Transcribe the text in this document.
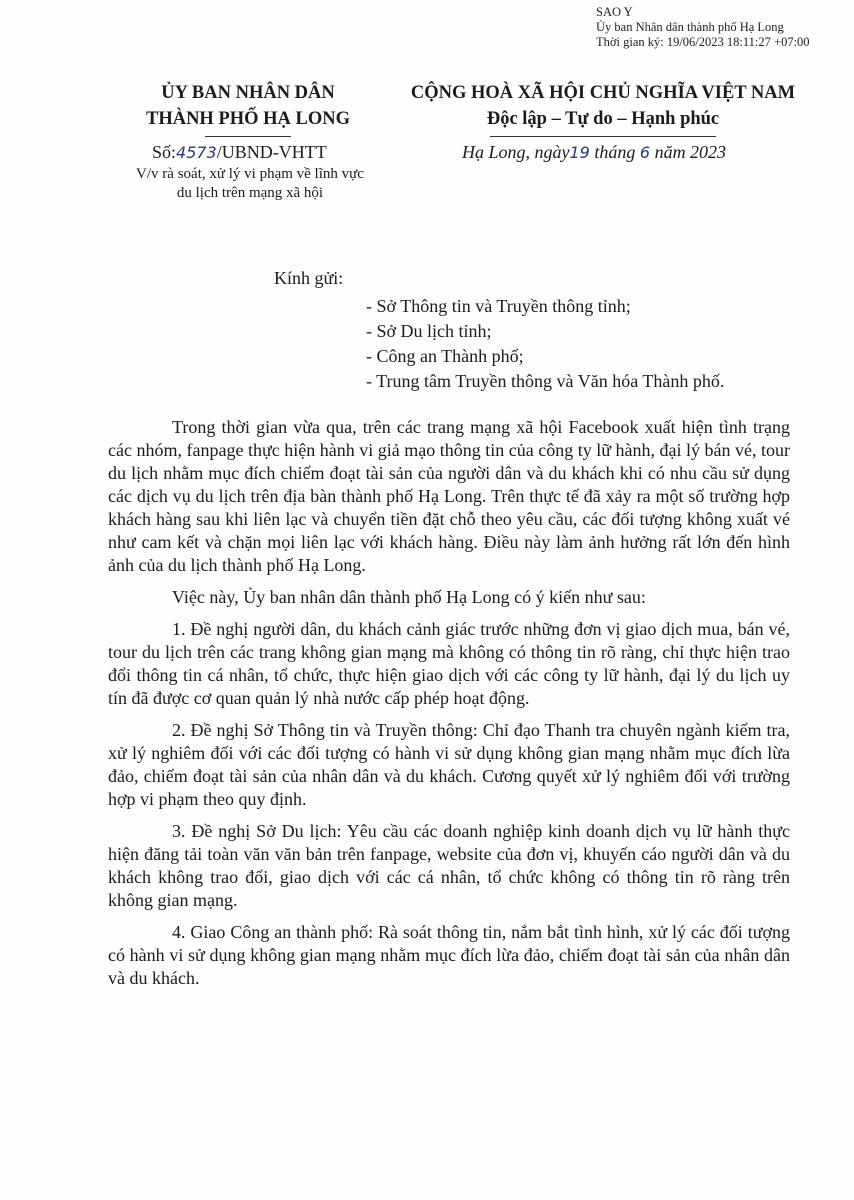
SAO Y
Ủy ban Nhân dân thành phố Hạ Long
Thời gian ký: 19/06/2023 18:11:27 +07:00
ỦY BAN NHÂN DÂN
THÀNH PHỐ HẠ LONG
CỘNG HOÀ XÃ HỘI CHỦ NGHĨA VIỆT NAM
Độc lập – Tự do – Hạnh phúc
Số:4573/UBND-VHTT
V/v rà soát, xử lý vi phạm về lĩnh vực
du lịch trên mạng xã hội
Hạ Long, ngày19 tháng 6 năm 2023
Kính gửi:
- Sở Thông tin và Truyền thông tỉnh;
- Sở Du lịch tỉnh;
- Công an Thành phố;
- Trung tâm Truyền thông và Văn hóa Thành phố.

Trong thời gian vừa qua, trên các trang mạng xã hội Facebook xuất hiện tình trạng các nhóm, fanpage thực hiện hành vi giả mạo thông tin của công ty lữ hành, đại lý bán vé, tour du lịch nhằm mục đích chiếm đoạt tài sản của người dân và du khách khi có nhu cầu sử dụng các dịch vụ du lịch trên địa bàn thành phố Hạ Long. Trên thực tế đã xảy ra một số trường hợp khách hàng sau khi liên lạc và chuyển tiền đặt chỗ theo yêu cầu, các đối tượng không xuất vé như cam kết và chặn mọi liên lạc với khách hàng. Điều này làm ảnh hưởng rất lớn đến hình ảnh của du lịch thành phố Hạ Long.

Việc này, Ủy ban nhân dân thành phố Hạ Long có ý kiến như sau:

1. Đề nghị người dân, du khách cảnh giác trước những đơn vị giao dịch mua, bán vé, tour du lịch trên các trang không gian mạng mà không có thông tin rõ ràng, chỉ thực hiện trao đổi thông tin cá nhân, tổ chức, thực hiện giao dịch với các công ty lữ hành, đại lý du lịch uy tín đã được cơ quan quản lý nhà nước cấp phép hoạt động.

2. Đề nghị Sở Thông tin và Truyền thông: Chỉ đạo Thanh tra chuyên ngành kiểm tra, xử lý nghiêm đối với các đối tượng có hành vi sử dụng không gian mạng nhằm mục đích lừa đảo, chiếm đoạt tài sản của nhân dân và du khách. Cương quyết xử lý nghiêm đối với trường hợp vi phạm theo quy định.

3. Đề nghị Sở Du lịch: Yêu cầu các doanh nghiệp kinh doanh dịch vụ lữ hành thực hiện đăng tải toàn văn văn bản trên fanpage, website của đơn vị, khuyến cáo người dân và du khách không trao đổi, giao dịch với các cá nhân, tổ chức không có thông tin rõ ràng trên không gian mạng.

4. Giao Công an thành phố: Rà soát thông tin, nắm bắt tình hình, xử lý các đối tượng có hành vi sử dụng không gian mạng nhằm mục đích lừa đảo, chiếm đoạt tài sản của nhân dân và du khách.
